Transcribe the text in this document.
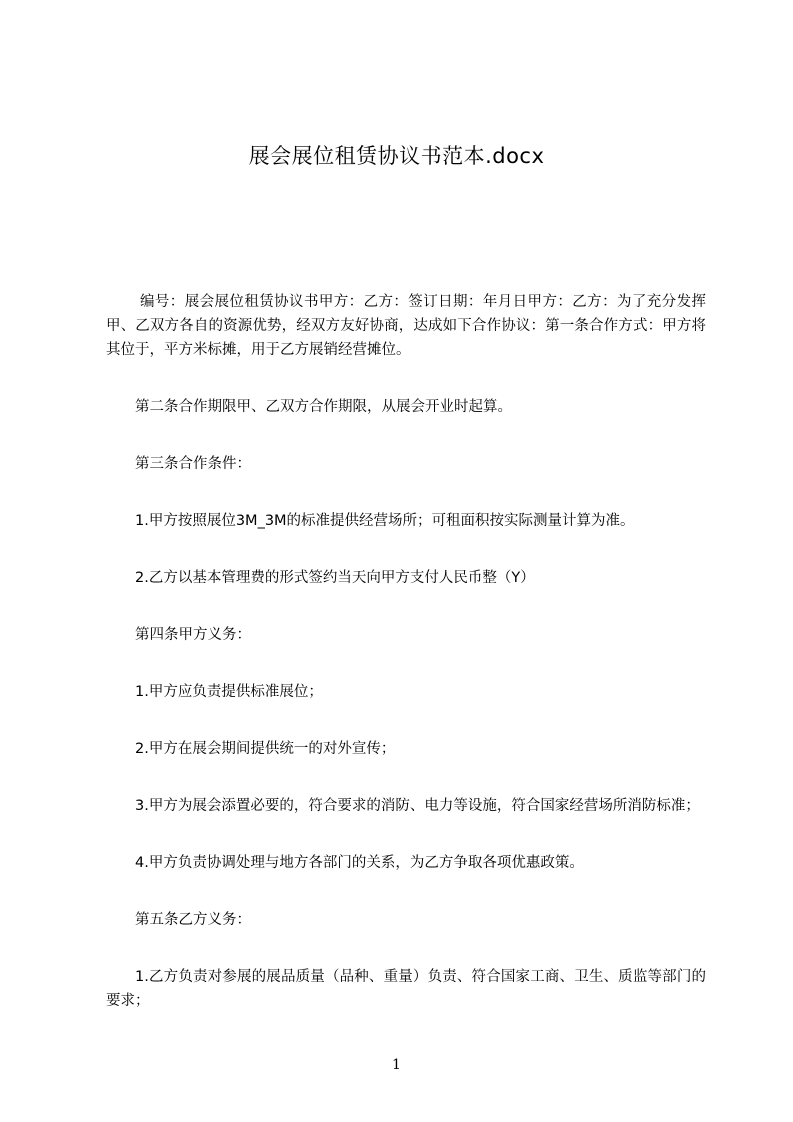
展会展位租赁协议书范本.docx

编号：展会展位租赁协议书甲方：乙方：签订日期：年月日甲方：乙方：为了充分发挥甲、乙双方各自的资源优势，经双方友好协商，达成如下合作协议：第一条合作方式：甲方将其位于，平方米标摊，用于乙方展销经营摊位。

第二条合作期限甲、乙双方合作期限，从展会开业时起算。

第三条合作条件：

1.甲方按照展位3M_3M的标准提供经营场所；可租面积按实际测量计算为准。

2.乙方以基本管理费的形式签约当天向甲方支付人民币整（Y）

第四条甲方义务：

1.甲方应负责提供标准展位；

2.甲方在展会期间提供统一的对外宣传；

3.甲方为展会添置必要的，符合要求的消防、电力等设施，符合国家经营场所消防标准；

4.甲方负责协调处理与地方各部门的关系，为乙方争取各项优惠政策。

第五条乙方义务：

1.乙方负责对参展的展品质量（品种、重量）负责、符合国家工商、卫生、质监等部门的要求；

1
